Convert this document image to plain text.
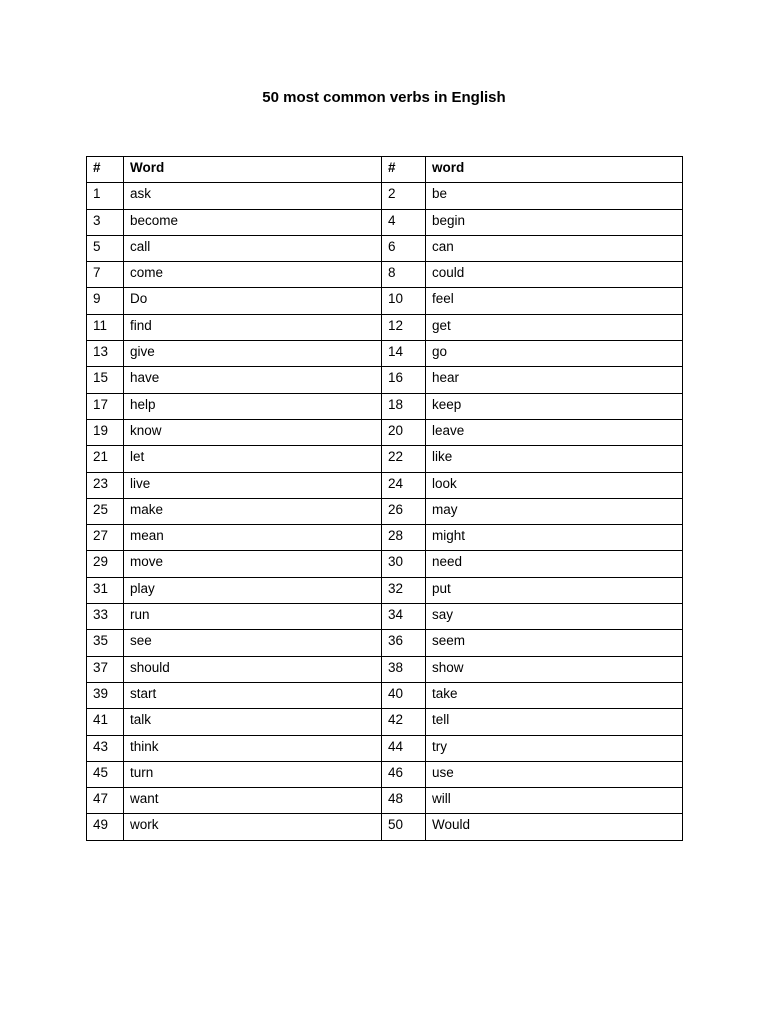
50 most common verbs in English
#	Word	#	word
1	ask	2	be
3	become	4	begin
5	call	6	can
7	come	8	could
9	Do	10	feel
11	find	12	get
13	give	14	go
15	have	16	hear
17	help	18	keep
19	know	20	leave
21	let	22	like
23	live	24	look
25	make	26	may
27	mean	28	might
29	move	30	need
31	play	32	put
33	run	34	say
35	see	36	seem
37	should	38	show
39	start	40	take
41	talk	42	tell
43	think	44	try
45	turn	46	use
47	want	48	will
49	work	50	Would
